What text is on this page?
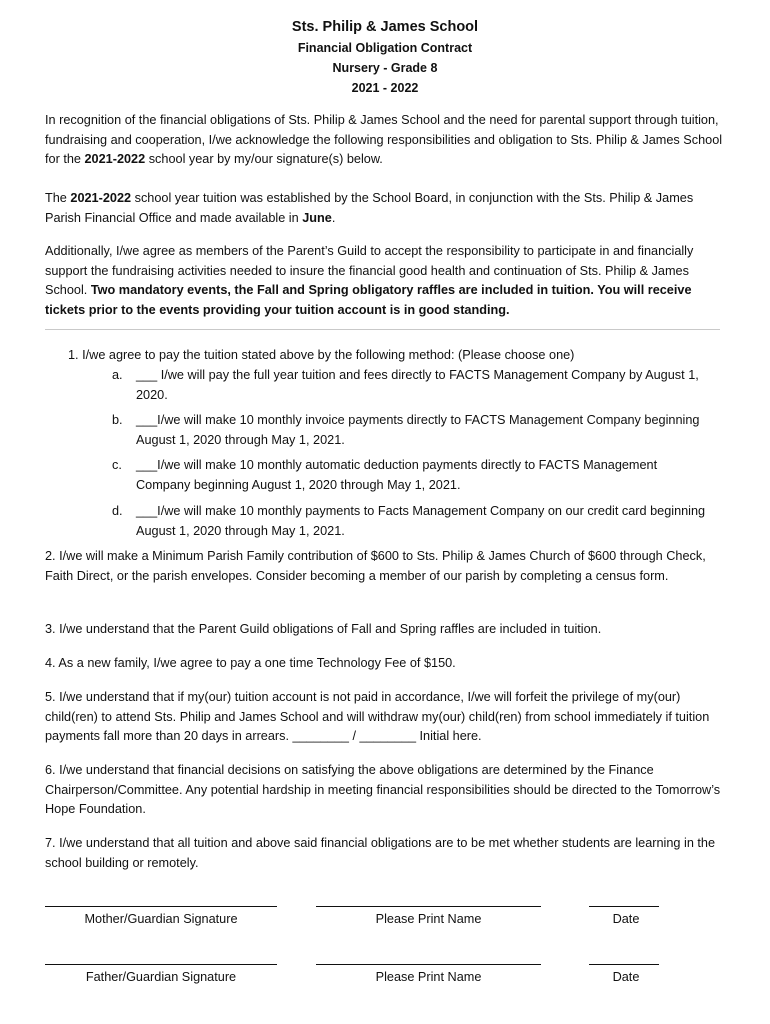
Sts. Philip & James School
Financial Obligation Contract
Nursery - Grade 8
2021 - 2022
In recognition of the financial obligations of Sts. Philip & James School and the need for parental support through tuition, fundraising and cooperation, I/we acknowledge the following responsibilities and obligation to Sts. Philip & James School for the 2021-2022 school year by my/our signature(s) below.
The 2021-2022 school year tuition was established by the School Board, in conjunction with the Sts. Philip & James Parish Financial Office and made available in June.
Additionally, I/we agree as members of the Parent’s Guild to accept the responsibility to participate in and financially support the fundraising activities needed to insure the financial good health and continuation of Sts. Philip & James School. Two mandatory events, the Fall and Spring obligatory raffles are included in tuition. You will receive tickets prior to the events providing your tuition account is in good standing.
1. I/we agree to pay the tuition stated above by the following method: (Please choose one)
a. ___ I/we will pay the full year tuition and fees directly to FACTS Management Company by August 1, 2020.
b. ___I/we will make 10 monthly invoice payments directly to FACTS Management Company beginning August 1, 2020 through May 1, 2021.
c. ___I/we will make 10 monthly automatic deduction payments directly to FACTS Management Company beginning August 1, 2020 through May 1, 2021.
d. ___I/we will make 10 monthly payments to Facts Management Company on our credit card beginning August 1, 2020 through May 1, 2021.
2. I/we will make a Minimum Parish Family contribution of $600 to Sts. Philip & James Church of $600 through Check, Faith Direct, or the parish envelopes. Consider becoming a member of our parish by completing a census form.
3. I/we understand that the Parent Guild obligations of Fall and Spring raffles are included in tuition.
4. As a new family, I/we agree to pay a one time Technology Fee of $150.
5. I/we understand that if my(our) tuition account is not paid in accordance, I/we will forfeit the privilege of my(our) child(ren) to attend Sts. Philip and James School and will withdraw my(our) child(ren) from school immediately if tuition payments fall more than 20 days in arrears. ________ / ________ Initial here.
6. I/we understand that financial decisions on satisfying the above obligations are determined by the Finance Chairperson/Committee. Any potential hardship in meeting financial responsibilities should be directed to the Tomorrow’s Hope Foundation.
7. I/we understand that all tuition and above said financial obligations are to be met whether students are learning in the school building or remotely.
Mother/Guardian Signature	Please Print Name	Date
Father/Guardian Signature	Please Print Name	Date
